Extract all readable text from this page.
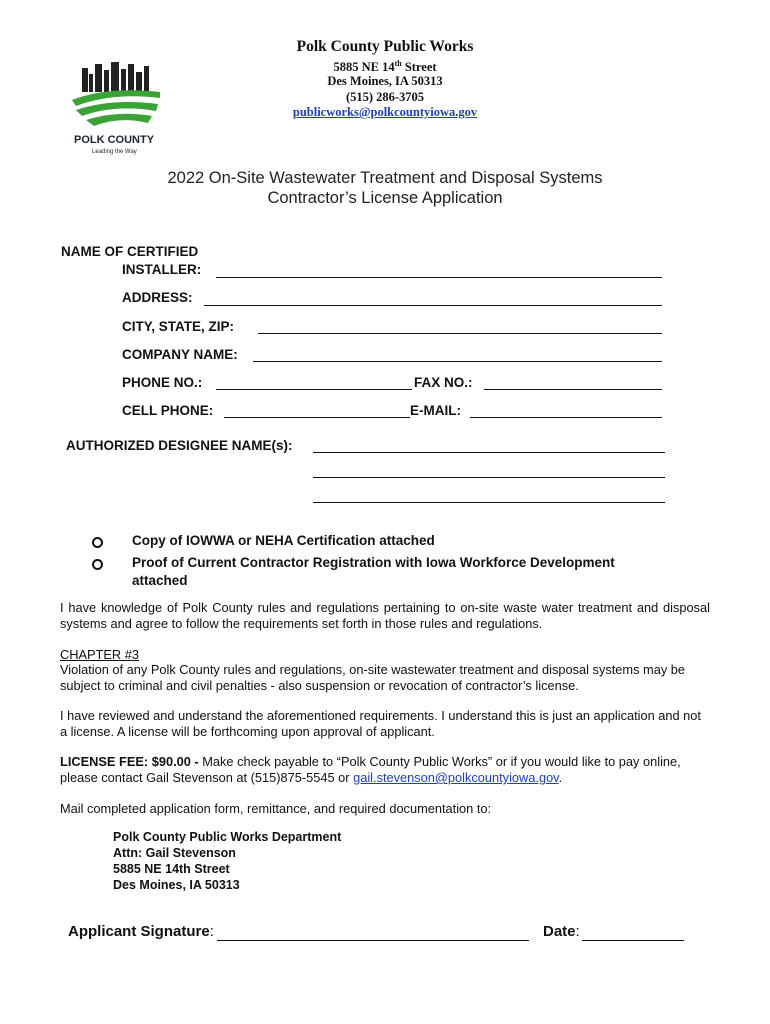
POLK COUNTY
Leading the Way
Polk County Public Works
5885 NE 14th Street
Des Moines, IA 50313
(515) 286-3705
publicworks@polkcountyiowa.gov
2022 On-Site Wastewater Treatment and Disposal Systems
Contractor’s License Application
NAME OF CERTIFIED
INSTALLER:
ADDRESS:
CITY, STATE, ZIP:
COMPANY NAME:
PHONE NO.:	FAX NO.:
CELL PHONE:	E-MAIL:
AUTHORIZED DESIGNEE NAME(s):
Copy of IOWWA or NEHA Certification attached
Proof of Current Contractor Registration with Iowa Workforce Development
attached
I have knowledge of Polk County rules and regulations pertaining to on-site waste water treatment and disposal systems and agree to follow the requirements set forth in those rules and regulations.
CHAPTER #3
Violation of any Polk County rules and regulations, on-site wastewater treatment and disposal systems may be subject to criminal and civil penalties - also suspension or revocation of contractor’s license.
I have reviewed and understand the aforementioned requirements. I understand this is just an application and not a license. A license will be forthcoming upon approval of applicant.
LICENSE FEE: $90.00 - Make check payable to “Polk County Public Works” or if you would like to pay online, please contact Gail Stevenson at (515)875-5545 or gail.stevenson@polkcountyiowa.gov.
Mail completed application form, remittance, and required documentation to:
Polk County Public Works Department
Attn: Gail Stevenson
5885 NE 14th Street
Des Moines, IA 50313
Applicant Signature:	Date:
